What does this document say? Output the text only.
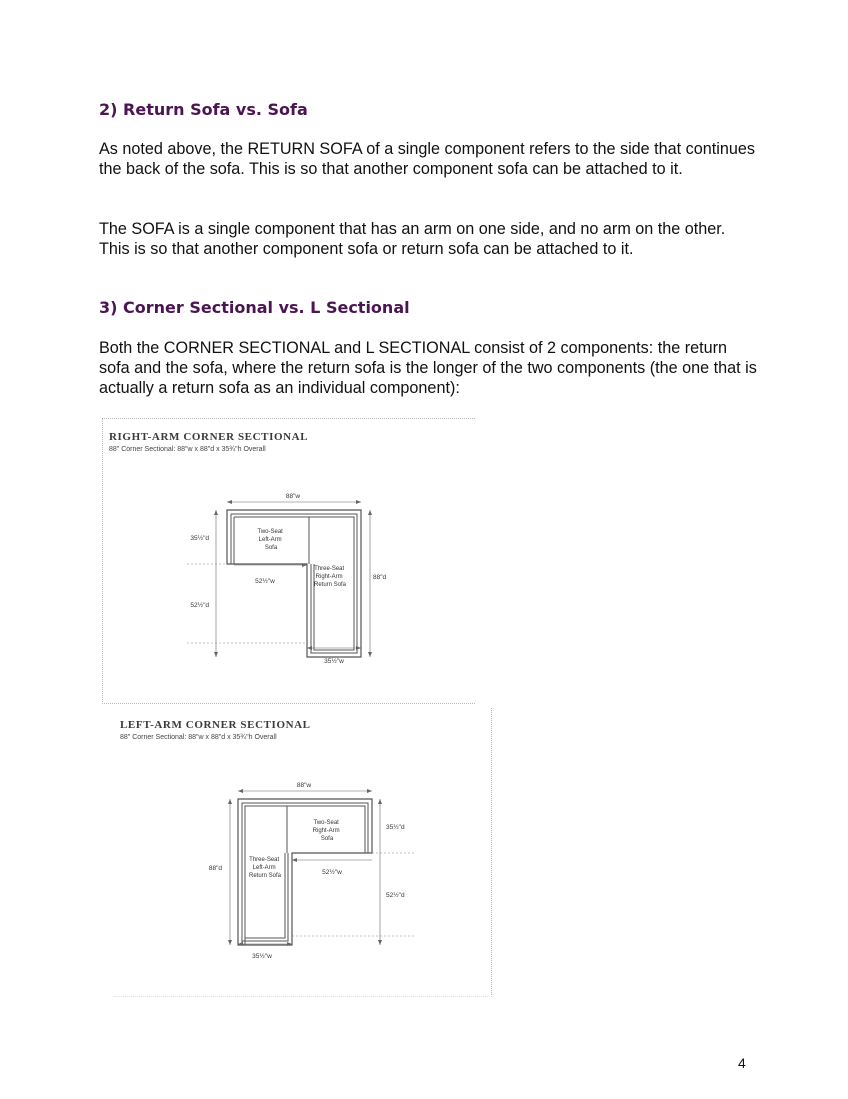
2) Return Sofa vs. Sofa

As noted above, the RETURN SOFA of a single component refers to the side that continues the back of the sofa. This is so that another component sofa can be attached to it.

The SOFA is a single component that has an arm on one side, and no arm on the other. This is so that another component sofa or return sofa can be attached to it.

3) Corner Sectional vs. L Sectional

Both the CORNER SECTIONAL and L SECTIONAL consist of 2 components: the return sofa and the sofa, where the return sofa is the longer of the two components (the one that is actually a return sofa as an individual component):

RIGHT-ARM CORNER SECTIONAL
88" Corner Sectional: 88"w x 88"d x 35¾"h Overall
88"w
35½"d
52½"d
52½"w
88"d
35½"w
Two-Seat Left-Arm Sofa
Three-Seat Right-Arm Return Sofa
LEFT-ARM CORNER SECTIONAL
88" Corner Sectional: 88"w x 88"d x 35¾"h Overall
88"w
88"d
35½"d
52½"d
52½"w
35½"w
Two-Seat Right-Arm Sofa
Three-Seat Left-Arm Return Sofa

4
